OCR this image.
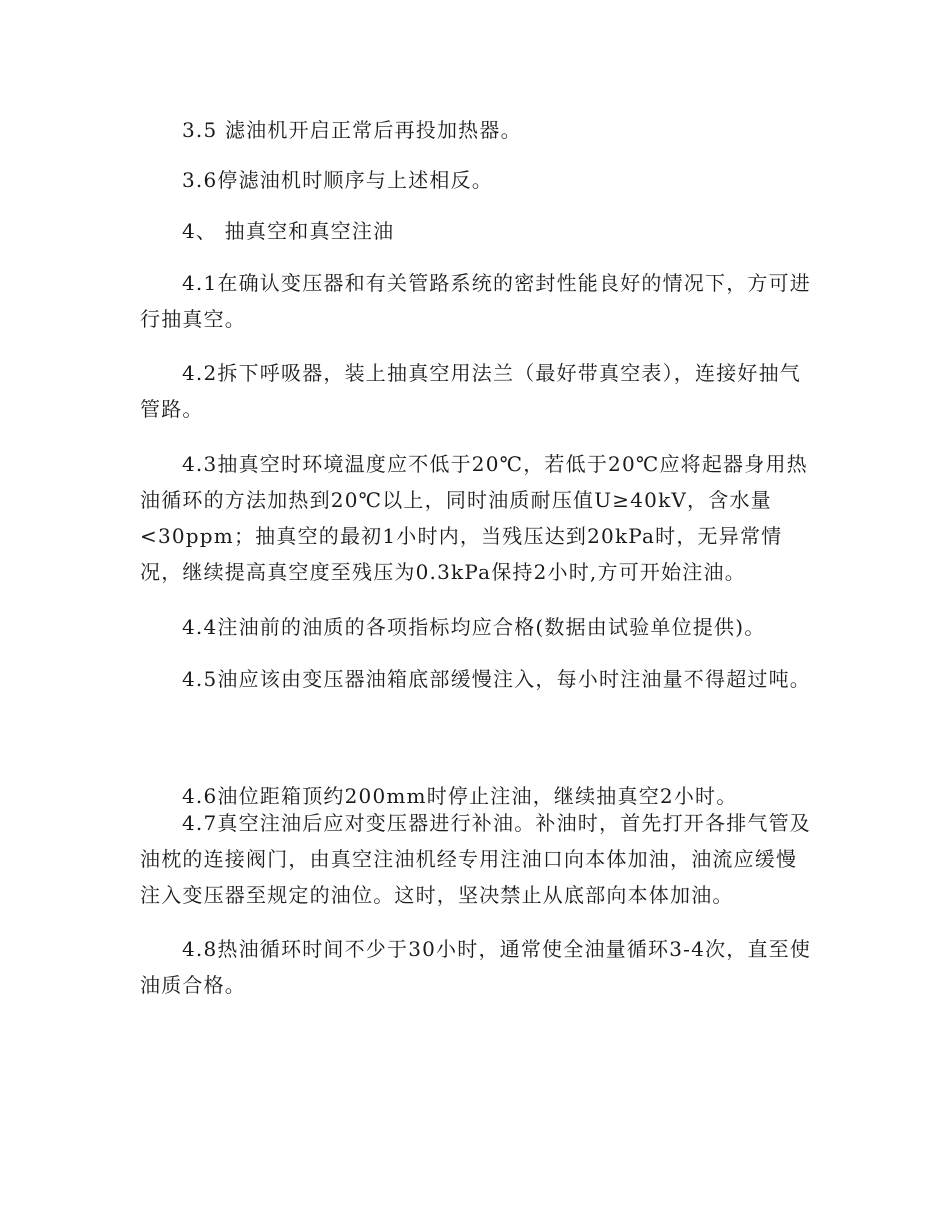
3.5 滤油机开启正常后再投加热器。

3.6停滤油机时顺序与上述相反。

4、 抽真空和真空注油

4.1在确认变压器和有关管路系统的密封性能良好的情况下，方可进行抽真空。

4.2拆下呼吸器，装上抽真空用法兰（最好带真空表），连接好抽气管路。

4.3抽真空时环境温度应不低于20℃，若低于20℃应将起器身用热油循环的方法加热到20℃以上，同时油质耐压值U≥40kV，含水量<30ppm；抽真空的最初1小时内，当残压达到20kPa时，无异常情况，继续提高真空度至残压为0.3kPa保持2小时,方可开始注油。

4.4注油前的油质的各项指标均应合格(数据由试验单位提供)。

4.5油应该由变压器油箱底部缓慢注入，每小时注油量不得超过吨。

4.6油位距箱顶约200mm时停止注油，继续抽真空2小时。

4.7真空注油后应对变压器进行补油。补油时，首先打开各排气管及油枕的连接阀门，由真空注油机经专用注油口向本体加油，油流应缓慢注入变压器至规定的油位。这时，坚决禁止从底部向本体加油。

4.8热油循环时间不少于30小时，通常使全油量循环3-4次，直至使油质合格。
